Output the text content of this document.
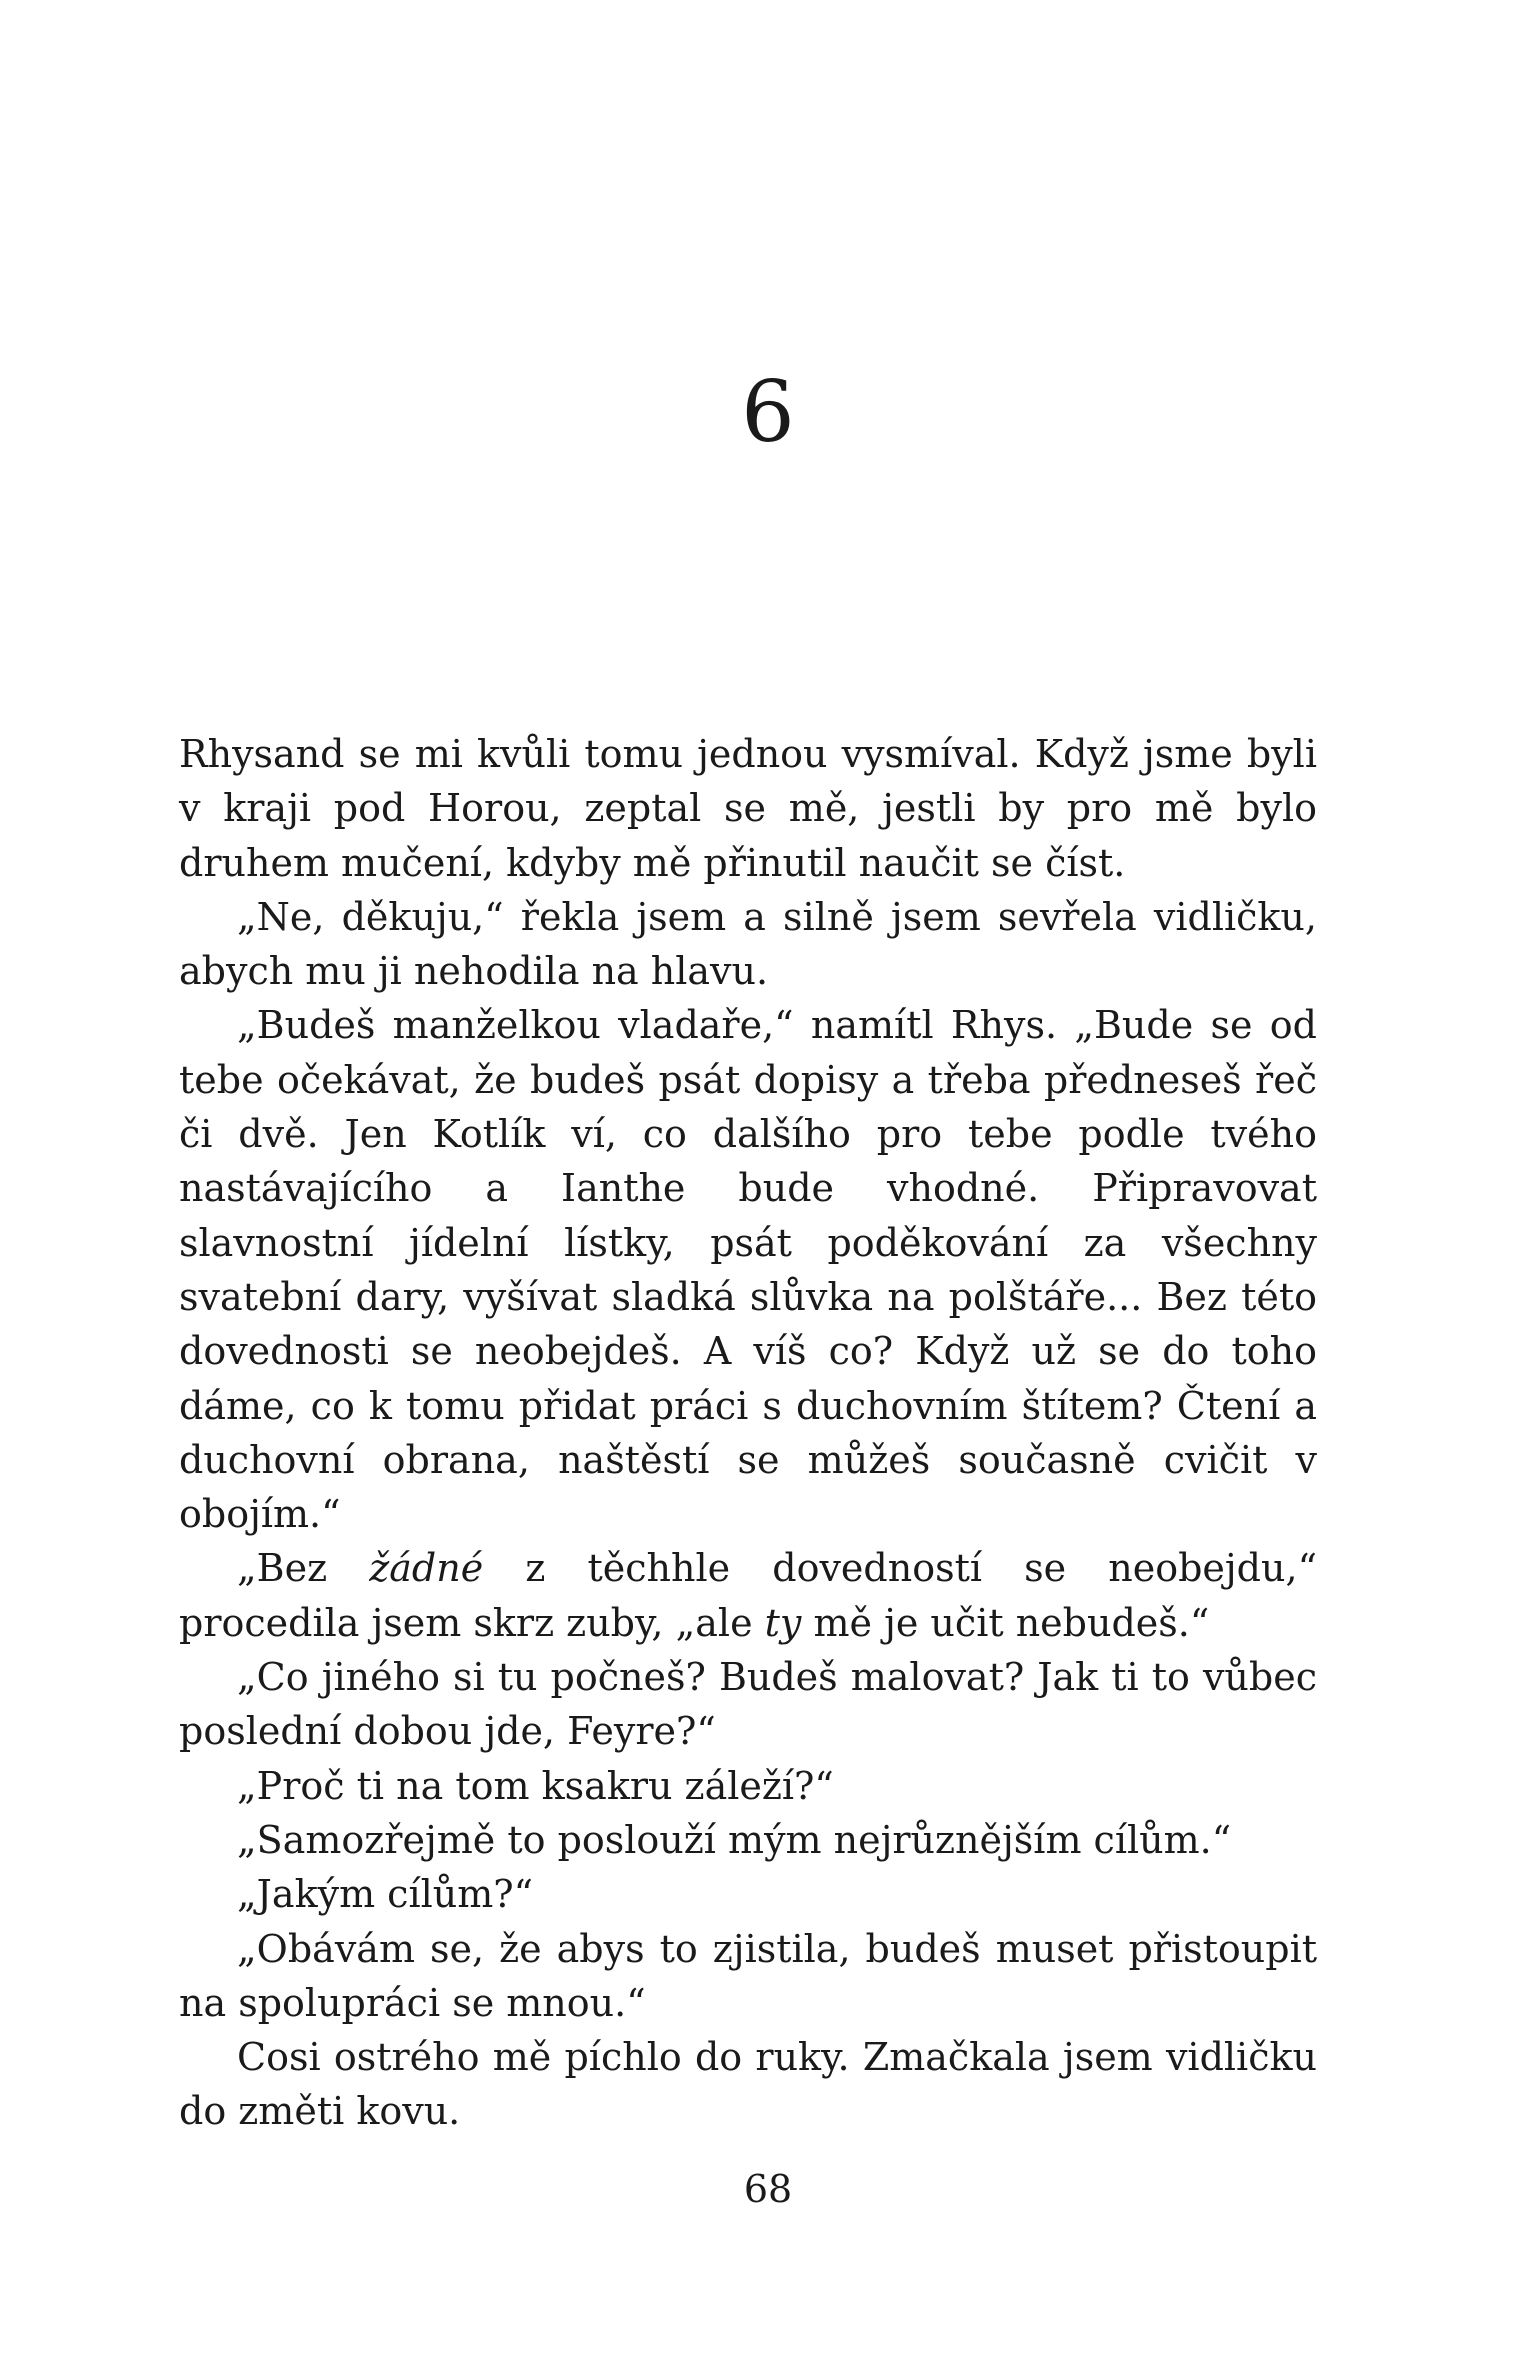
6

Rhysand se mi kvůli tomu jednou vysmíval. Když jsme byli v kraji pod Horou, zeptal se mě, jestli by pro mě bylo druhem mučení, kdyby mě přinutil naučit se číst.

„Ne, děkuju,“ řekla jsem a silně jsem sevřela vidličku, abych mu ji nehodila na hlavu.

„Budeš manželkou vladaře,“ namítl Rhys. „Bude se od tebe očekávat, že budeš psát dopisy a třeba předneseš řeč či dvě. Jen Kotlík ví, co dalšího pro tebe podle tvého nastávajícího a Ianthe bude vhodné. Připravovat slavnostní jídelní lístky, psát poděkování za všechny svatební dary, vyšívat sladká slůvka na polštáře... Bez této dovednosti se neobejdeš. A víš co? Když už se do toho dáme, co k tomu přidat práci s duchovním štítem? Čtení a duchovní obrana, naštěstí se můžeš současně cvičit v obojím.“

„Bez žádné z těchhle dovedností se neobejdu,“ procedila jsem skrz zuby, „ale ty mě je učit nebudeš.“

„Co jiného si tu počneš? Budeš malovat? Jak ti to vůbec poslední dobou jde, Feyre?“

„Proč ti na tom ksakru záleží?“

„Samozřejmě to poslouží mým nejrůznějším cílům.“

„Jakým cílům?“

„Obávám se, že abys to zjistila, budeš muset přistoupit na spolupráci se mnou.“

Cosi ostrého mě píchlo do ruky. Zmačkala jsem vidličku do změti kovu.

68
